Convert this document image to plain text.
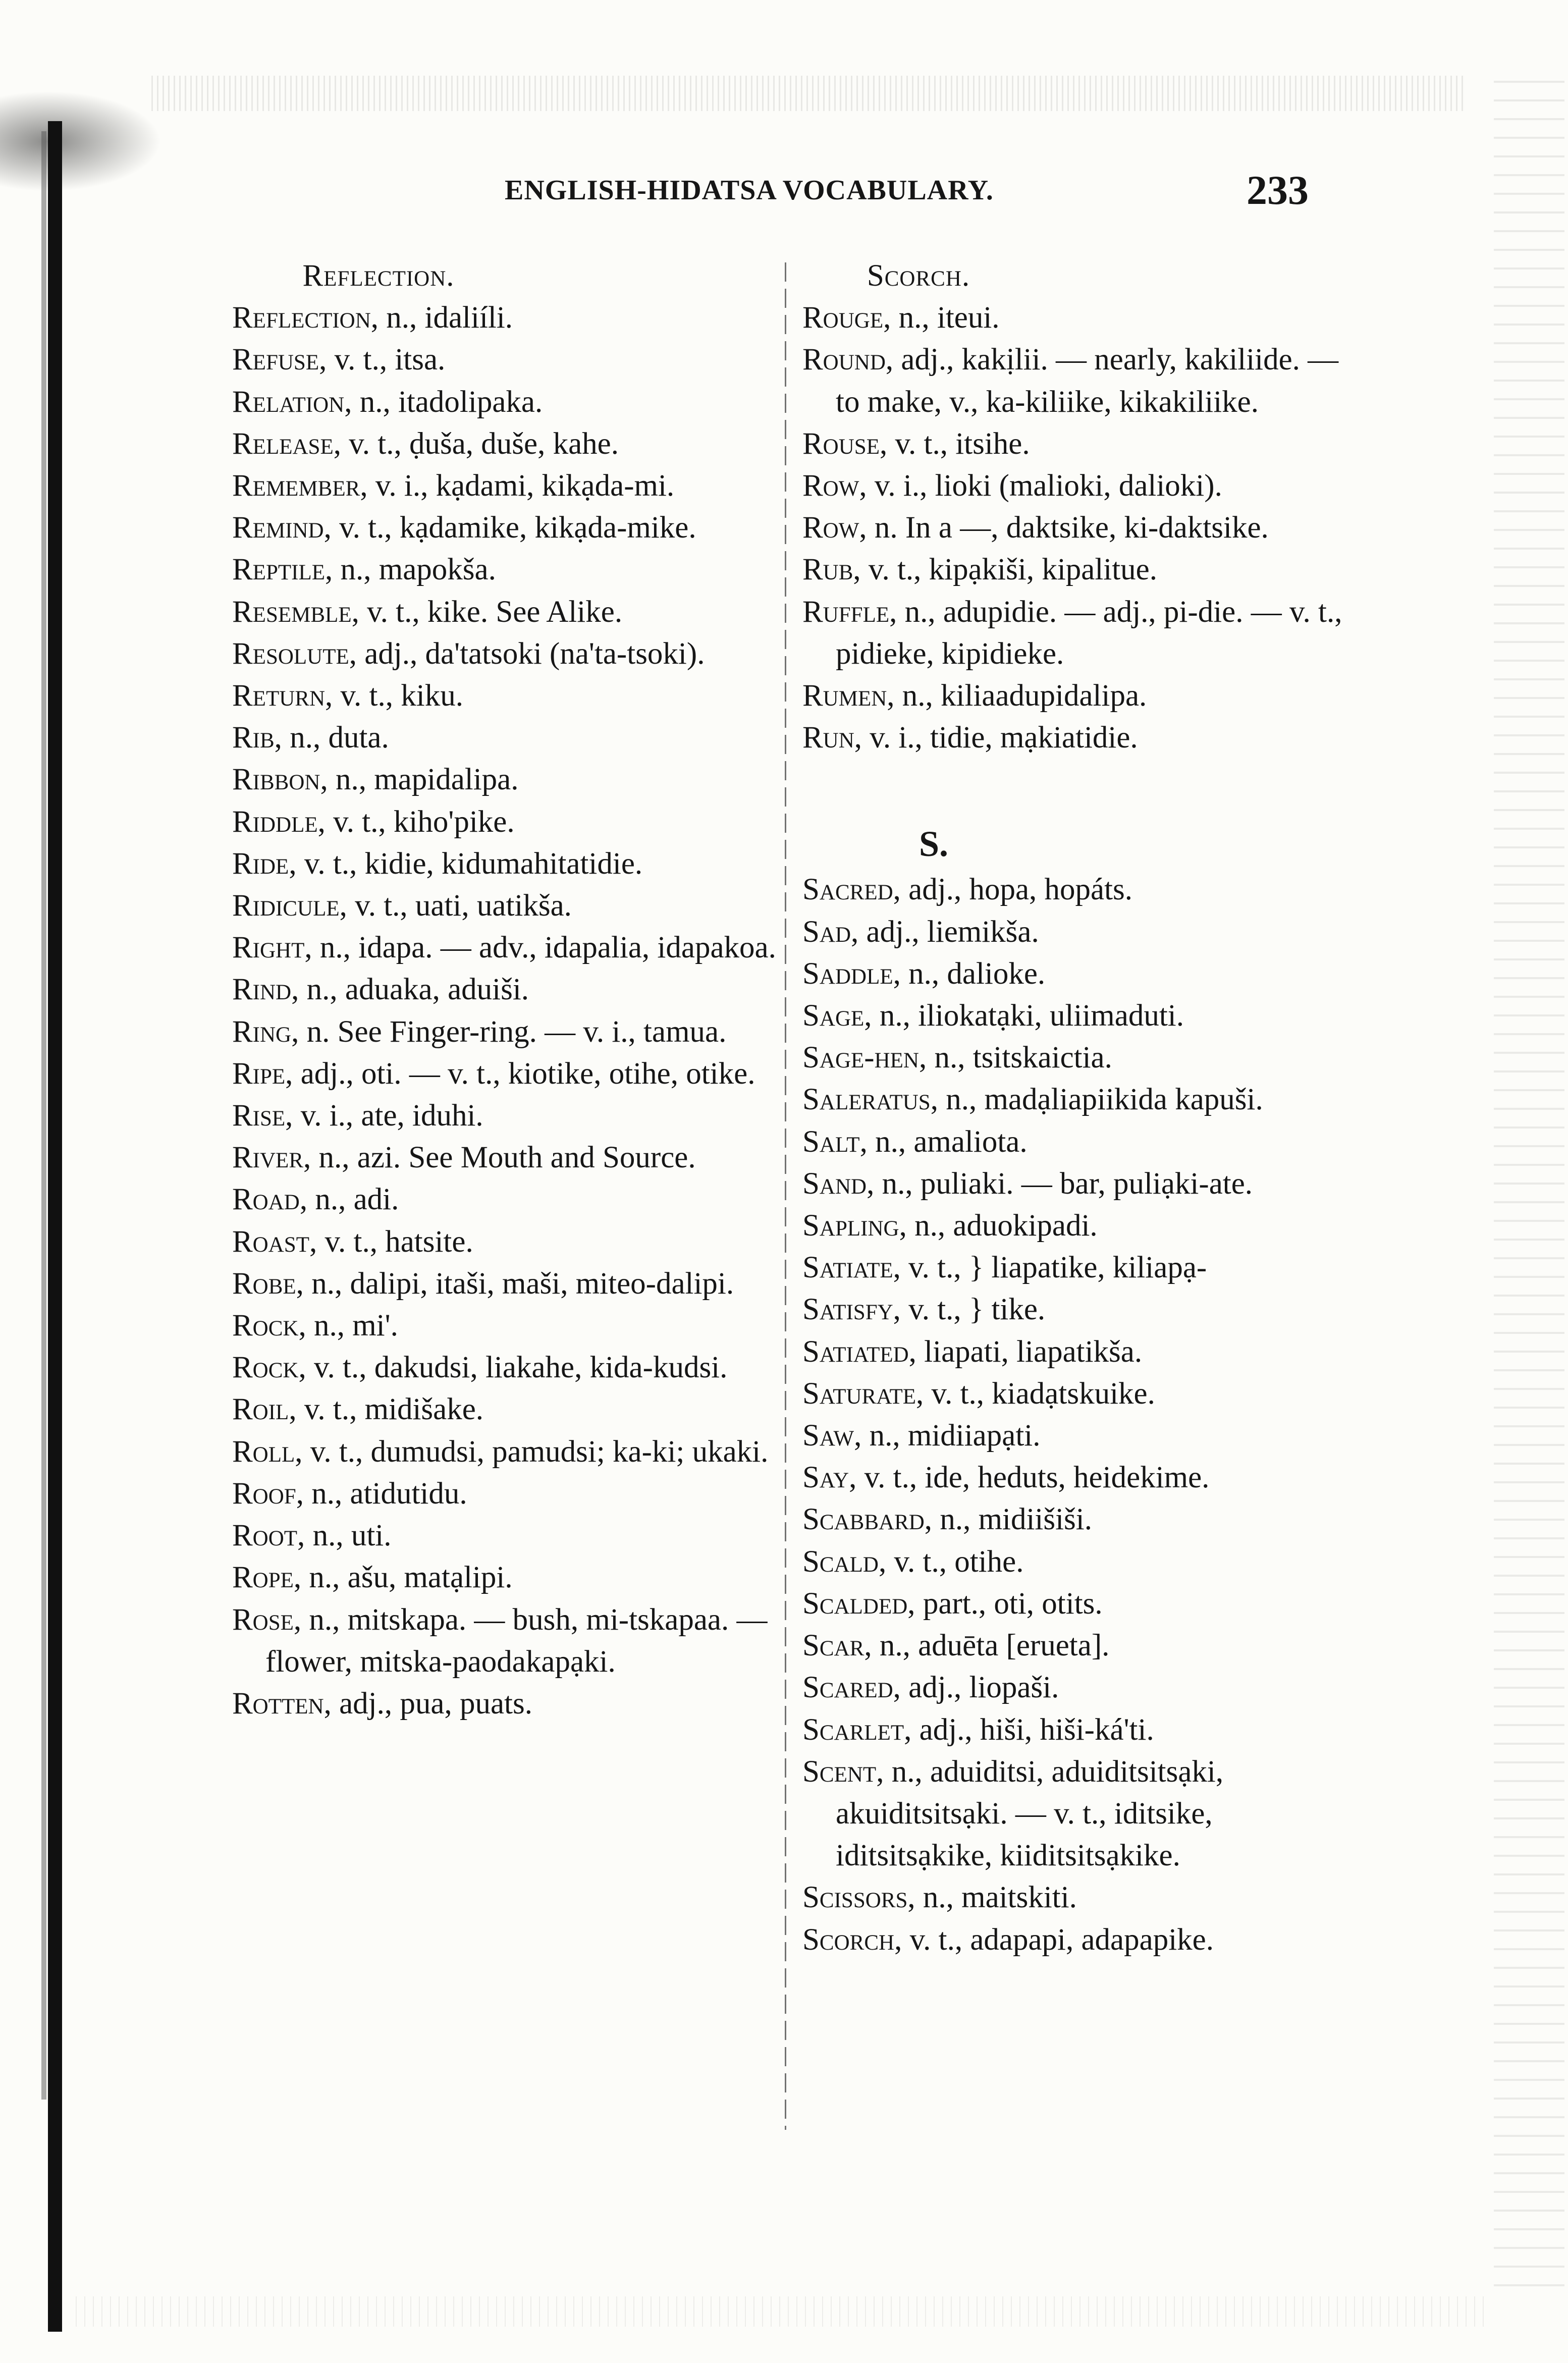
ENGLISH-HIDATSA VOCABULARY.	233
Reflection.
Reflection, n., idaliíli.
Refuse, v. t., itsa.
Relation, n., itadolipaka.
Release, v. t., ḍuša, duše, kahe.
Remember, v. i., kạdami, kikạda-mi.
Remind, v. t., kạdamike, kikạda-mike.
Reptile, n., mapokša.
Resemble, v. t., kike. See Alike.
Resolute, adj., da'tatsoki (na'ta-tsoki).
Return, v. t., kiku.
Rib, n., duta.
Ribbon, n., mapidalipa.
Riddle, v. t., kiho'pike.
Ride, v. t., kidie, kidumahitatidie.
Ridicule, v. t., uati, uatikša.
Right, n., idapa. — adv., idapalia, idapakoa.
Rind, n., aduaka, aduiši.
Ring, n. See Finger-ring. — v. i., tamua.
Ripe, adj., oti. — v. t., kiotike, otihe, otike.
Rise, v. i., ate, iduhi.
River, n., azi. See Mouth and Source.
Road, n., adi.
Roast, v. t., hatsite.
Robe, n., dalipi, itaši, maši, miteo-dalipi.
Rock, n., mi'.
Rock, v. t., dakudsi, liakahe, kida-kudsi.
Roil, v. t., midišake.
Roll, v. t., dumudsi, pamudsi; ka-ki; ukaki.
Roof, n., atidutidu.
Root, n., uti.
Rope, n., ašu, matạlipi.
Rose, n., mitskapa. — bush, mi-tskapaa. — flower, mitska-paodakapạki.
Rotten, adj., pua, puats.
Scorch.
Rouge, n., iteui.
Round, adj., kakịlii. — nearly, kakiliide. — to make, v., ka-kiliike, kikakiliike.
Rouse, v. t., itsihe.
Row, v. i., lioki (malioki, dalioki).
Row, n. In a —, daktsike, ki-daktsike.
Rub, v. t., kipạkiši, kipalitue.
Ruffle, n., adupidie. — adj., pi-die. — v. t., pidieke, kipidieke.
Rumen, n., kiliaadupidalipa.
Run, v. i., tidie, mạkiatidie.
S.
Sacred, adj., hopa, hopáts.
Sad, adj., liemikša.
Saddle, n., dalioke.
Sage, n., iliokatạki, uliimaduti.
Sage-hen, n., tsitskaictia.
Saleratus, n., madạliapiikida kapuši.
Salt, n., amaliota.
Sand, n., puliaki. — bar, puliạki-ate.
Sapling, n., aduokipadi.
Satiate, v. t., } liapatike, kiliapạ-
Satisfy, v. t., } tike.
Satiated, liapati, liapatikša.
Saturate, v. t., kiadạtskuike.
Saw, n., midiiapạti.
Say, v. t., ide, heduts, heidekime.
Scabbard, n., midiišiši.
Scald, v. t., otihe.
Scalded, part., oti, otits.
Scar, n., aduēta [erueta].
Scared, adj., liopaši.
Scarlet, adj., hiši, hiši-ká'ti.
Scent, n., aduiditsi, aduiditsitsạki, akuiditsitsạki. — v. t., iditsike, iditsitsạkike, kiiditsitsạkike.
Scissors, n., maitskiti.
Scorch, v. t., adapapi, adapapike.
